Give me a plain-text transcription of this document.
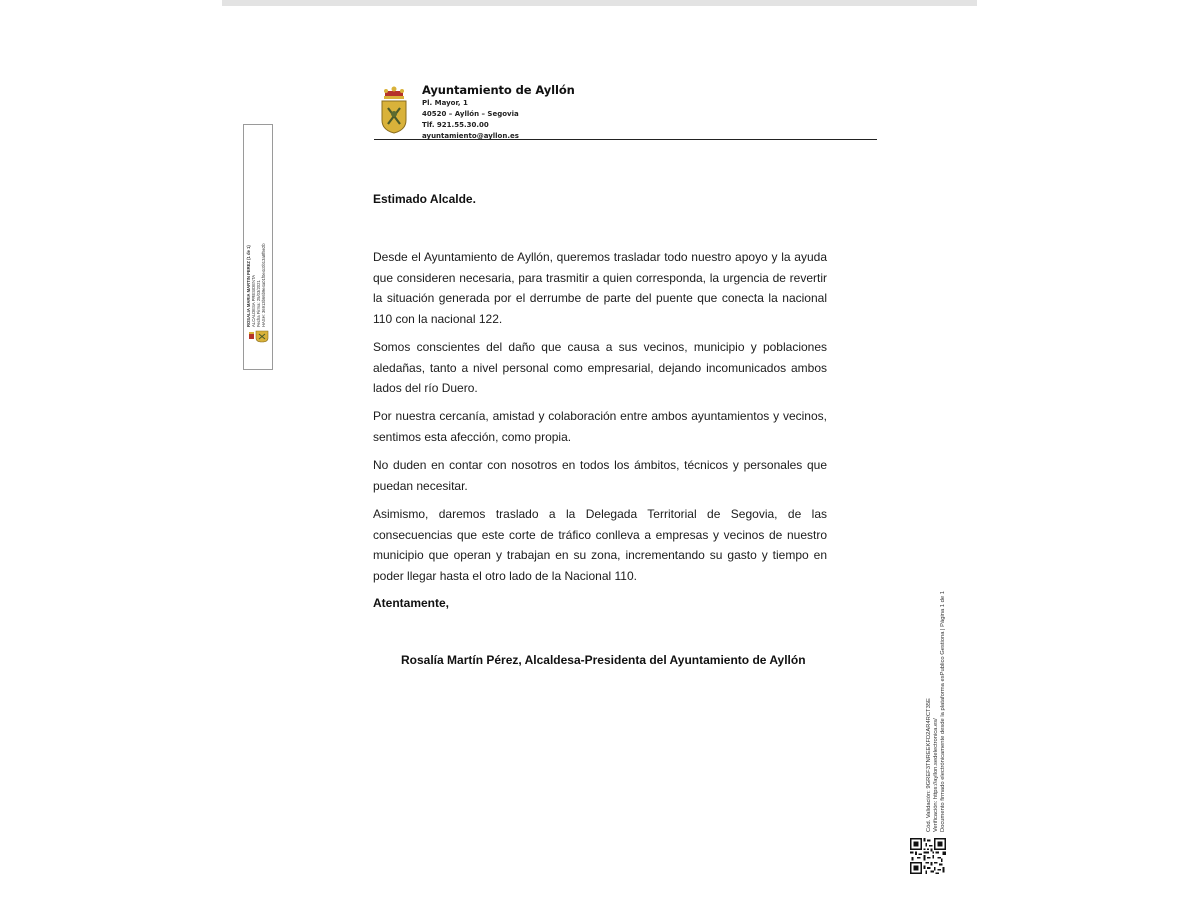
Ayuntamiento de Ayllón
Pl. Mayor, 1
40520 – Ayllón – Segovia
Tlf. 921.55.30.00
ayuntamiento@ayllon.es
Estimado Alcalde.
Desde el Ayuntamiento de Ayllón, queremos trasladar todo nuestro apoyo y la ayuda que consideren necesaria, para trasmitir a quien corresponda, la urgencia de revertir la situación generada por el derrumbe de parte del puente que conecta la nacional 110 con la nacional 122.
Somos conscientes del daño que causa a sus vecinos, municipio y poblaciones aledañas, tanto a nivel personal como empresarial, dejando incomunicados ambos lados del río Duero.
Por nuestra cercanía, amistad y colaboración entre ambos ayuntamientos y vecinos, sentimos esta afección, como propia.
No duden en contar con nosotros en todos los ámbitos, técnicos y personales que puedan necesitar.
Asimismo, daremos traslado a la Delegada Territorial de Segovia, de las consecuencias que este corte de tráfico conlleva a empresas y vecinos de nuestro municipio que operan y trabajan en su zona, incrementando su gasto y tiempo en poder llegar hasta el otro lado de la Nacional 110.
Atentamente,
Rosalía Martín Pérez, Alcaldesa-Presidenta del Ayuntamiento de Ayllón
ROSALIA MARIA MARTIN PEREZ (1 de 1) ALCALDESA PRESIDENTA Fecha Firma: 25/03/2021 HASH: 36913b66b9e4a01f0e4c0b13a8f5e2b
Cód. Validación: 9GREF3TNREEKFD2AR4RCT35E Verificación: https://ayllon.sedelectronica.es/ Documento firmado electrónicamente desde la plataforma esPublico Gestiona | Página 1 de 1
